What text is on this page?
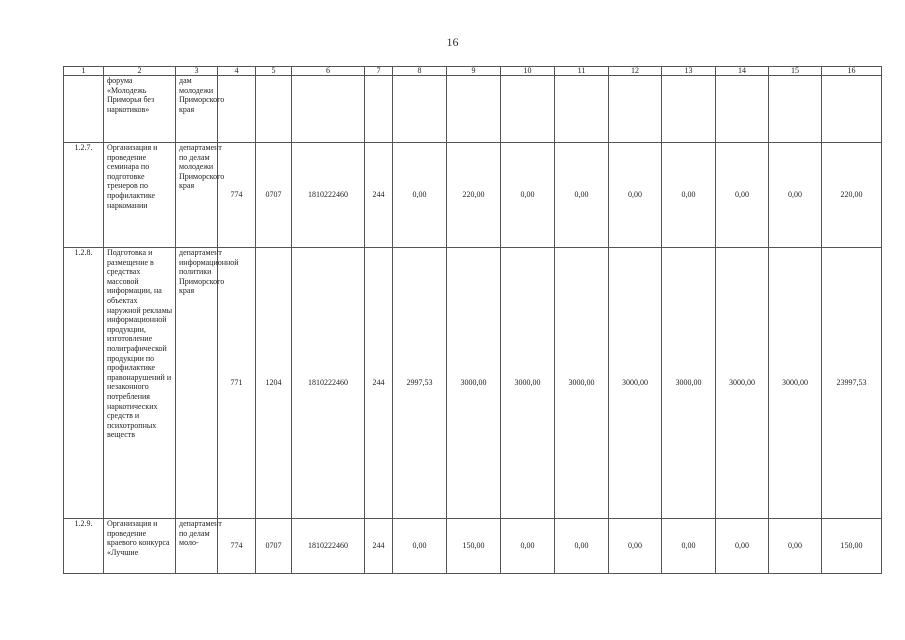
16
1	2	3	4	5	6	7	8	9	10	11	12	13	14	15	16
	форума «Молодежь Приморья без наркотиков»	дам молодежи Приморского края													
1.2.7.	Организация и проведение семинара по подготовке тренеров по профилактике наркомании	департамент по делам молодежи Приморского края	774	0707	1810222460	244	0,00	220,00	0,00	0,00	0,00	0,00	0,00	0,00	220,00
1.2.8.	Подготовка и размещение в средствах массовой информации, на объектах наружной рекламы информационной продукции, изготовление полиграфической продукции по профилактике правонарушений и незаконного потребления наркотических средств и психотропных веществ	департамент информационной политики Приморского края	771	1204	1810222460	244	2997,53	3000,00	3000,00	3000,00	3000,00	3000,00	3000,00	3000,00	23997,53
1.2.9.	Организация и проведение краевого конкурса «Лучшие	департамент по делам моло-	774	0707	1810222460	244	0,00	150,00	0,00	0,00	0,00	0,00	0,00	0,00	150,00
